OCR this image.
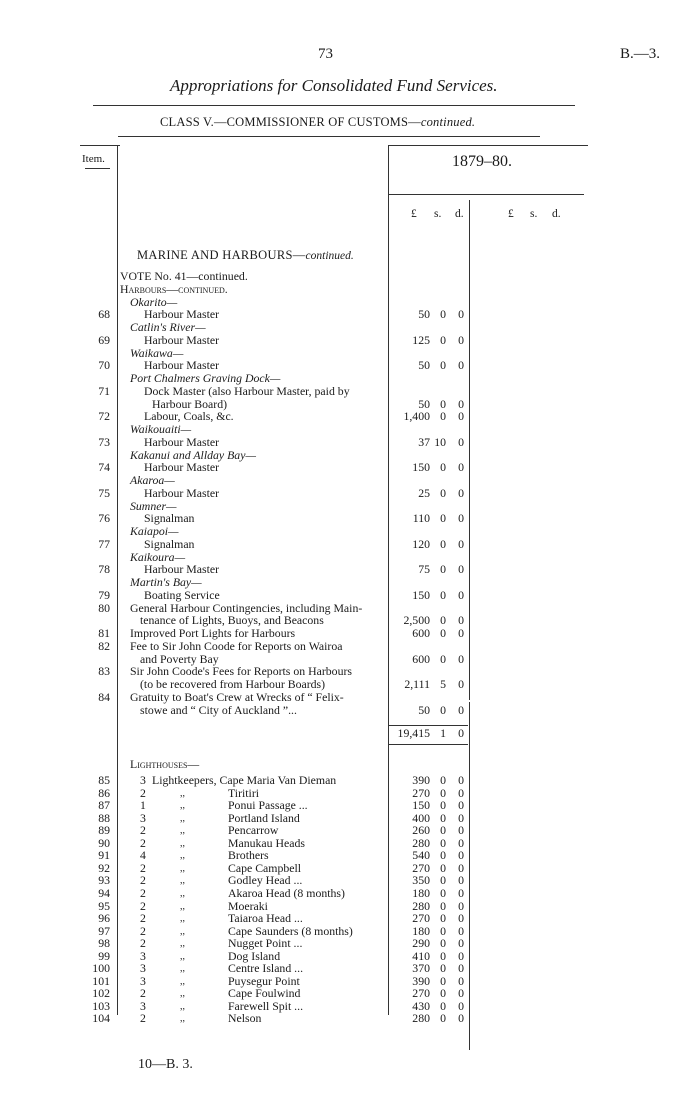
73	B.—3.
Appropriations for Consolidated Fund Services.
CLASS V.—COMMISSIONER OF CUSTOMS—continued.
Item.	1879–80.
£ s. d.	£ s. d.
MARINE AND HARBOURS—continued.
VOTE No. 41—continued.
Harbours—continued.
Okarito—
68	Harbour Master	50 0	0
Catlin's River—
69	Harbour Master	125 0	0
Waikawa—
70	Harbour Master	50 0	0
Port Chalmers Graving Dock—
71	Dock Master (also Harbour Master, paid by
Harbour Board)	50 0	0
72	Labour, Coals, &c.	1,400 0	0
Waikouaiti—
73	Harbour Master	37 10	0
Kakanui and Allday Bay—
74	Harbour Master	150 0	0
Akaroa—
75	Harbour Master	25 0	0
Sumner—
76	Signalman	110 0	0
Kaiapoi—
77	Signalman	120 0	0
Kaikoura—
78	Harbour Master	75 0	0
Martin's Bay—
79	Boating Service	150 0	0
80 General Harbour Contingencies, including Main-
tenance of Lights, Buoys, and Beacons	2,500 0	0
81 Improved Port Lights for Harbours	600 0	0
82 Fee to Sir John Coode for Reports on Wairoa
and Poverty Bay	600 0	0
83 Sir John Coode's Fees for Reports on Harbours
(to be recovered from Harbour Boards)	2,111 5	0
84 Gratuity to Boat's Crew at Wrecks of “ Felix-
stowe and “ City of Auckland ”...	50 0	0
19,415 1	0
Lighthouses—
85	3 Lightkeepers, Cape Maria Van Dieman	390 0	0
86	2	,,	Tiritiri	270 0	0
87	1	,,	Ponui Passage ...	150 0	0
88	3	,,	Portland Island	400 0	0
89	2	,,	Pencarrow	260 0	0
90	2	,,	Manukau Heads	280 0	0
91	4	,,	Brothers	540 0	0
92	2	,,	Cape Campbell	270 0	0
93	2	,,	Godley Head ...	350 0	0
94	2	,,	Akaroa Head (8 months)	180 0	0
95	2	,,	Moeraki	280 0	0
96	2	,,	Taiaroa Head ...	270 0	0
97	2	,,	Cape Saunders (8 months)	180 0	0
98	2	,,	Nugget Point ...	290 0	0
99	3	,,	Dog Island	410 0	0
100	3	,,	Centre Island ...	370 0	0
101	3	,,	Puysegur Point	390 0	0
102	2	,,	Cape Foulwind	270 0	0
103	3	,,	Farewell Spit ...	430 0	0
104	2	,,	Nelson	280 0	0
10—B. 3.
